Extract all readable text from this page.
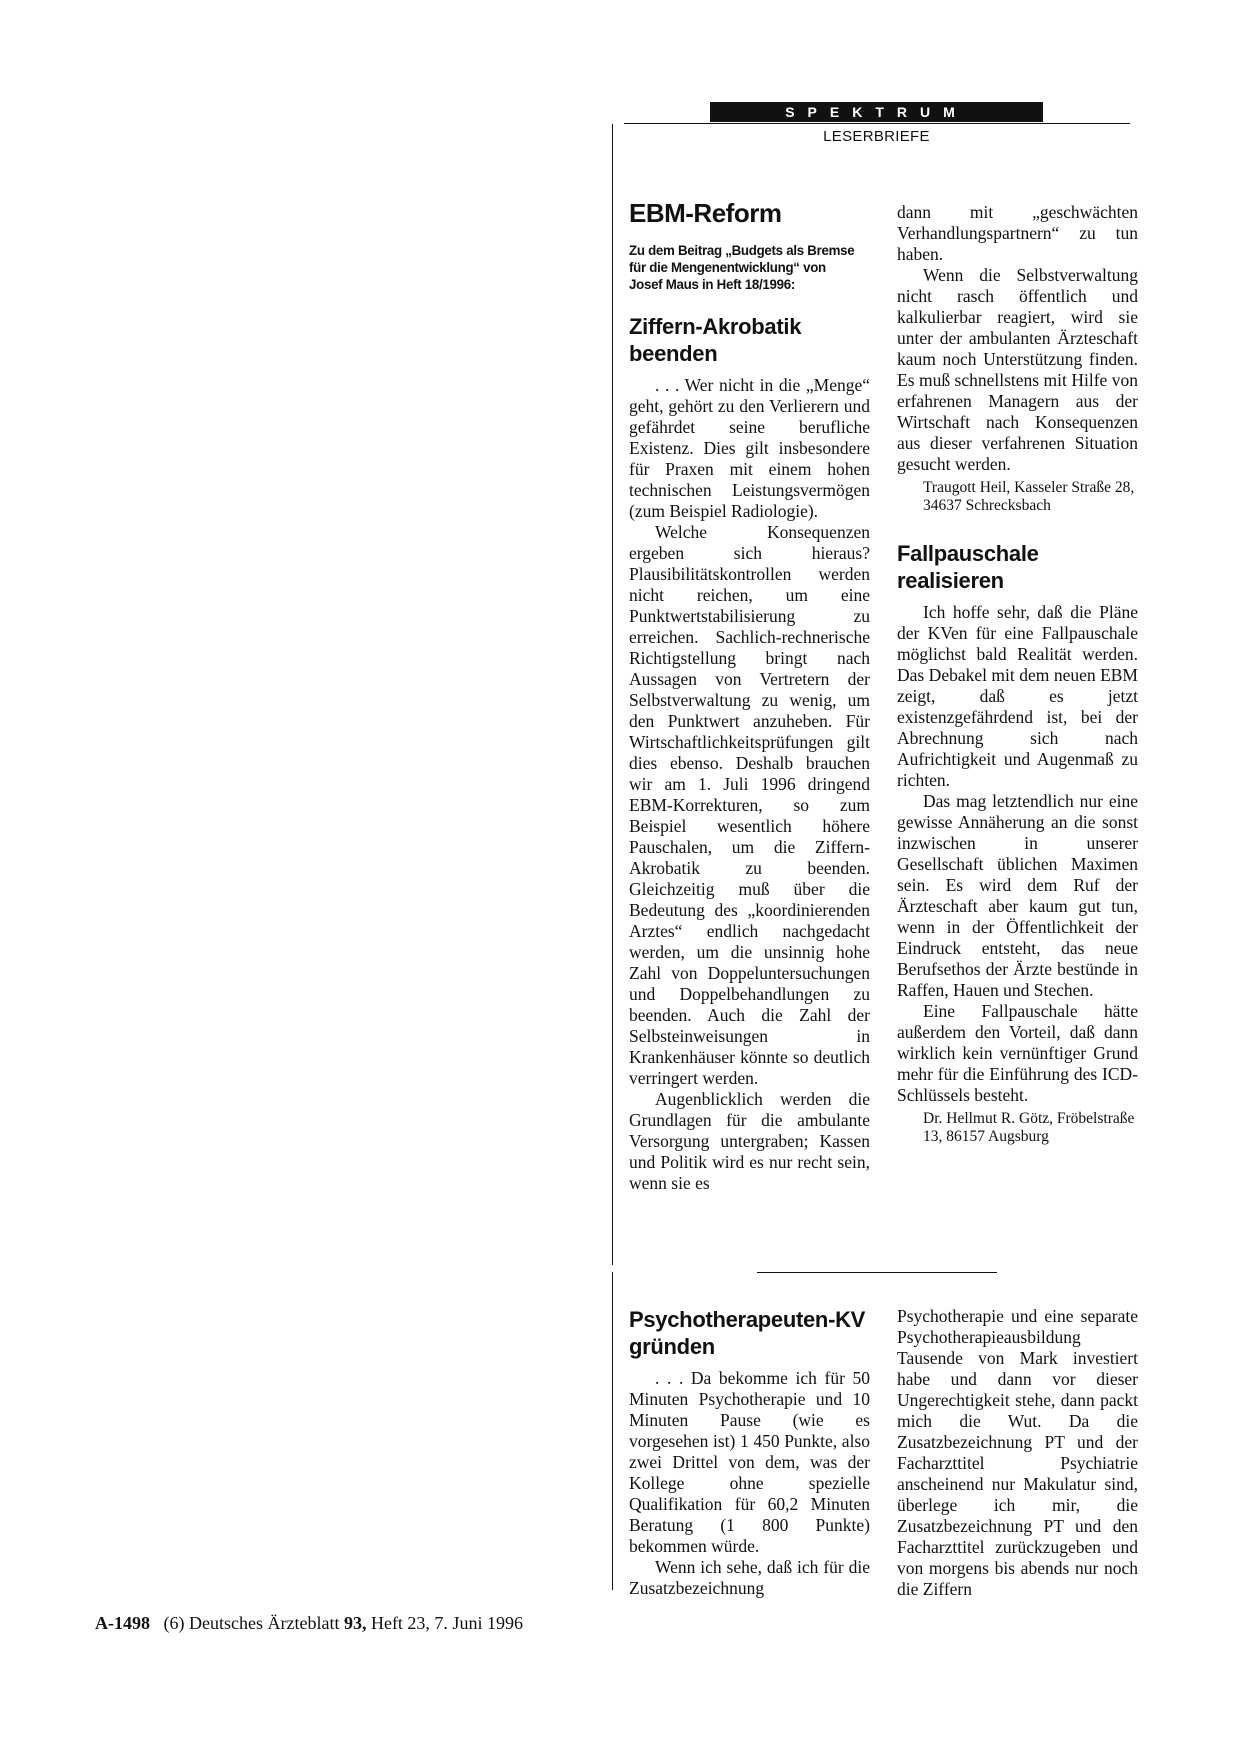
SPEKTRUM
LESERBRIEFE
EBM-Reform
Zu dem Beitrag „Budgets als Bremse für die Mengenentwicklung“ von Josef Maus in Heft 18/1996:
Ziffern-Akrobatik beenden

. . . Wer nicht in die „Menge“ geht, gehört zu den Verlierern und gefährdet seine berufliche Existenz. Dies gilt insbesondere für Praxen mit einem hohen technischen Leistungsvermögen (zum Beispiel Radiologie).

Welche Konsequenzen ergeben sich hieraus? Plausibilitätskontrollen werden nicht reichen, um eine Punktwertstabilisierung zu erreichen. Sachlich-rechnerische Richtigstellung bringt nach Aussagen von Vertretern der Selbstverwaltung zu wenig, um den Punktwert anzuheben. Für Wirtschaftlichkeitsprüfungen gilt dies ebenso. Deshalb brauchen wir am 1. Juli 1996 dringend EBM-Korrekturen, so zum Beispiel wesentlich höhere Pauschalen, um die Ziffern-Akrobatik zu beenden. Gleichzeitig muß über die Bedeutung des „koordinierenden Arztes“ endlich nachgedacht werden, um die unsinnig hohe Zahl von Doppeluntersuchungen und Doppelbehandlungen zu beenden. Auch die Zahl der Selbsteinweisungen in Krankenhäuser könnte so deutlich verringert werden.

Augenblicklich werden die Grundlagen für die ambulante Versorgung untergraben; Kassen und Politik wird es nur recht sein, wenn sie es

dann mit „geschwächten Verhandlungspartnern“ zu tun haben.

Wenn die Selbstverwaltung nicht rasch öffentlich und kalkulierbar reagiert, wird sie unter der ambulanten Ärzteschaft kaum noch Unterstützung finden. Es muß schnellstens mit Hilfe von erfahrenen Managern aus der Wirtschaft nach Konsequenzen aus dieser verfahrenen Situation gesucht werden.

Traugott Heil, Kasseler Straße 28, 34637 Schrecksbach

Fallpauschale realisieren

Ich hoffe sehr, daß die Pläne der KVen für eine Fallpauschale möglichst bald Realität werden. Das Debakel mit dem neuen EBM zeigt, daß es jetzt existenzgefährdend ist, bei der Abrechnung sich nach Aufrichtigkeit und Augenmaß zu richten.

Das mag letztendlich nur eine gewisse Annäherung an die sonst inzwischen in unserer Gesellschaft üblichen Maximen sein. Es wird dem Ruf der Ärzteschaft aber kaum gut tun, wenn in der Öffentlichkeit der Eindruck entsteht, das neue Berufsethos der Ärzte bestünde in Raffen, Hauen und Stechen.

Eine Fallpauschale hätte außerdem den Vorteil, daß dann wirklich kein vernünftiger Grund mehr für die Einführung des ICD-Schlüssels besteht.

Dr. Hellmut R. Götz, Fröbelstraße 13, 86157 Augsburg

Psychotherapeuten-KV gründen

. . . Da bekomme ich für 50 Minuten Psychotherapie und 10 Minuten Pause (wie es vorgesehen ist) 1 450 Punkte, also zwei Drittel von dem, was der Kollege ohne spezielle Qualifikation für 60,2 Minuten Beratung (1 800 Punkte) bekommen würde.

Wenn ich sehe, daß ich für die Zusatzbezeichnung

Psychotherapie und eine separate Psychotherapieausbildung Tausende von Mark investiert habe und dann vor dieser Ungerechtigkeit stehe, dann packt mich die Wut. Da die Zusatzbezeichnung PT und der Facharzttitel Psychiatrie anscheinend nur Makulatur sind, überlege ich mir, die Zusatzbezeichnung PT und den Facharzttitel zurückzugeben und von morgens bis abends nur noch die Ziffern

A-1498 (6) Deutsches Ärzteblatt 93, Heft 23, 7. Juni 1996
